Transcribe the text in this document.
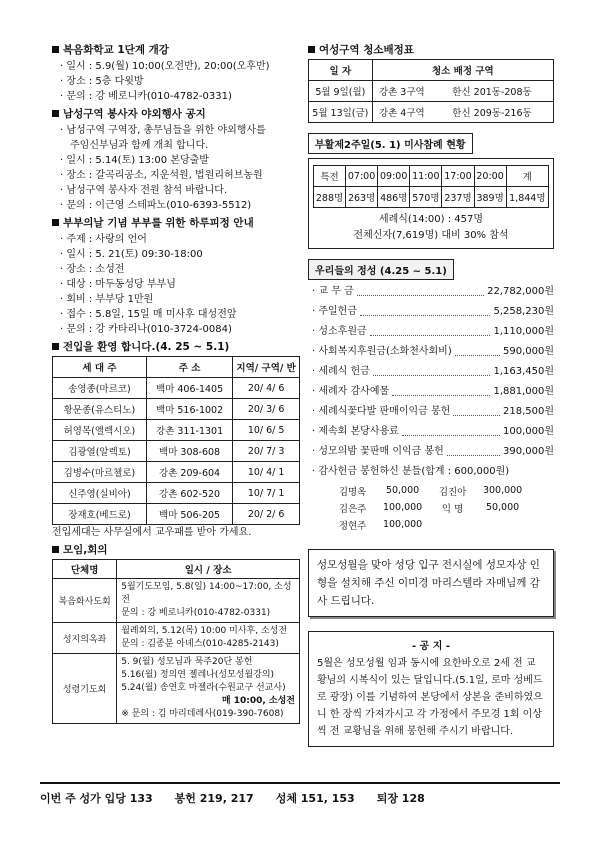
복음화학교 1단계 개강
· 일시 : 5.9(월) 10:00(오전반), 20:00(오후반)
· 장소 : 5층 다윗방
· 문의 : 강 베로니카(010-4782-0331)
남성구역 봉사자 야외행사 공지
· 남성구역 구역장, 총무님들을 위한 야외행사를
주임신부님과 함께 개최 합니다.
· 일시 : 5.14(토) 13:00 본당출발
· 장소 : 갈곡리공소, 지운석원, 법원리허브농원
· 남성구역 봉사자 전원 참석 바랍니다.
· 문의 : 이근영 스테파노(010-6393-5512)
부부의날 기념 부부를 위한 하루피정 안내
· 주제 : 사랑의 언어
· 일시 : 5. 21(토) 09:30-18:00
· 장소 : 소성전
· 대상 : 마두동성당 부부님
· 회비 : 부부당 1만원
· 접수 : 5.8일, 15일 매 미사후 대성전앞
· 문의 : 강 카타리나(010-3724-0084)
전입을 환영 합니다.(4. 25 ~ 5.1)
세 대 주	주 소	지역/ 구역/ 반
송영종(마르코)	백마 406-1405	20/ 4/ 6
황문종(유스티노)	백마 516-1002	20/ 3/ 6
허영목(엘렉시오)	강촌 311-1301	10/ 6/ 5
김광열(알렉토)	백마 308-608	20/ 7/ 3
김병수(마르첼로)	강촌 209-604	10/ 4/ 1
신주영(실비아)	강촌 602-520	10/ 7/ 1
장재호(베드로)	백마 506-205	20/ 2/ 6
전입세대는 사무실에서 교우패를 받아 가세요.
모임,회의
단체명	일시 / 장소
복음화사도회	5월기도모임, 5.8(일) 14:00~17:00, 소성전
문의 : 강 베로니카(010-4782-0331)

성지의옥좌	월례회의, 5.12(목) 10:00 미사후, 소성전
문의 : 김종분 아녜스(010-4285-2143)

성령기도회	5. 9(월) 성모님과 묵주20단 봉헌
5.16(월) 정의연 젤레나(성모성월강의)
5.24(월) 송연호 마젤라(수원교구 선교사)
매 10:00, 소성전
※ 문의 : 김 마리데레사(019-390-7608)
여성구역 청소배정표
일 자	청소 배정 구역	
5월 9일(월)	강촌 3구역	한신 201동-208동
5월 13일(금)	강촌 4구역	한신 209동-216동
부활제2주일(5. 1) 미사참례 현황
특전	07:00	09:00	11:00	17:00	20:00	계
288명	263명	486명	570명	237명	389명	1,844명
세례식(14:00) : 457명
전체신자(7,619명) 대비 30% 참석
우리들의 정성 (4.25 ~ 5.1)
· 교 무 금	22,782,000원
· 주일헌금	5,258,230원
· 성소후원금	1,110,000원
· 사회복지후원금(소화천사회비)	590,000원
· 세례식 헌금	1,163,450원
· 세례자 감사예물	1,881,000원
· 세례식꽃다발 판매이익금 봉헌	218,500원
· 제속회 본당사용료	100,000원
· 성모의밤 꽃판매 이익금 봉헌	390,000원
· 감사헌금 봉헌하신 분들(합계 : 600,000원)
김명옥	50,000	김진아	300,000
김은주	100,000	익 명	50,000
정현주	100,000		
성모성월을 맞아 성당 입구 전시실에 성모자상 인형을 설치해 주신 이미경 마리스텔라 자매님께 감사 드립니다.
- 공 지 -
5월은 성모성월 임과 동시에 요한바오로 2세 전 교황님의 시복식이 있는 달입니다.(5.1일, 로마 성베드로 광장) 이를 기념하여 본당에서 상본을 준비하였으니 한 장씩 가져가시고 각 가정에서 주모경 1회 이상씩 전 교황님을 위해 봉헌해 주시기 바랍니다.
이번 주 성가 입당 133 봉헌 219, 217 성체 151, 153 퇴장 128
